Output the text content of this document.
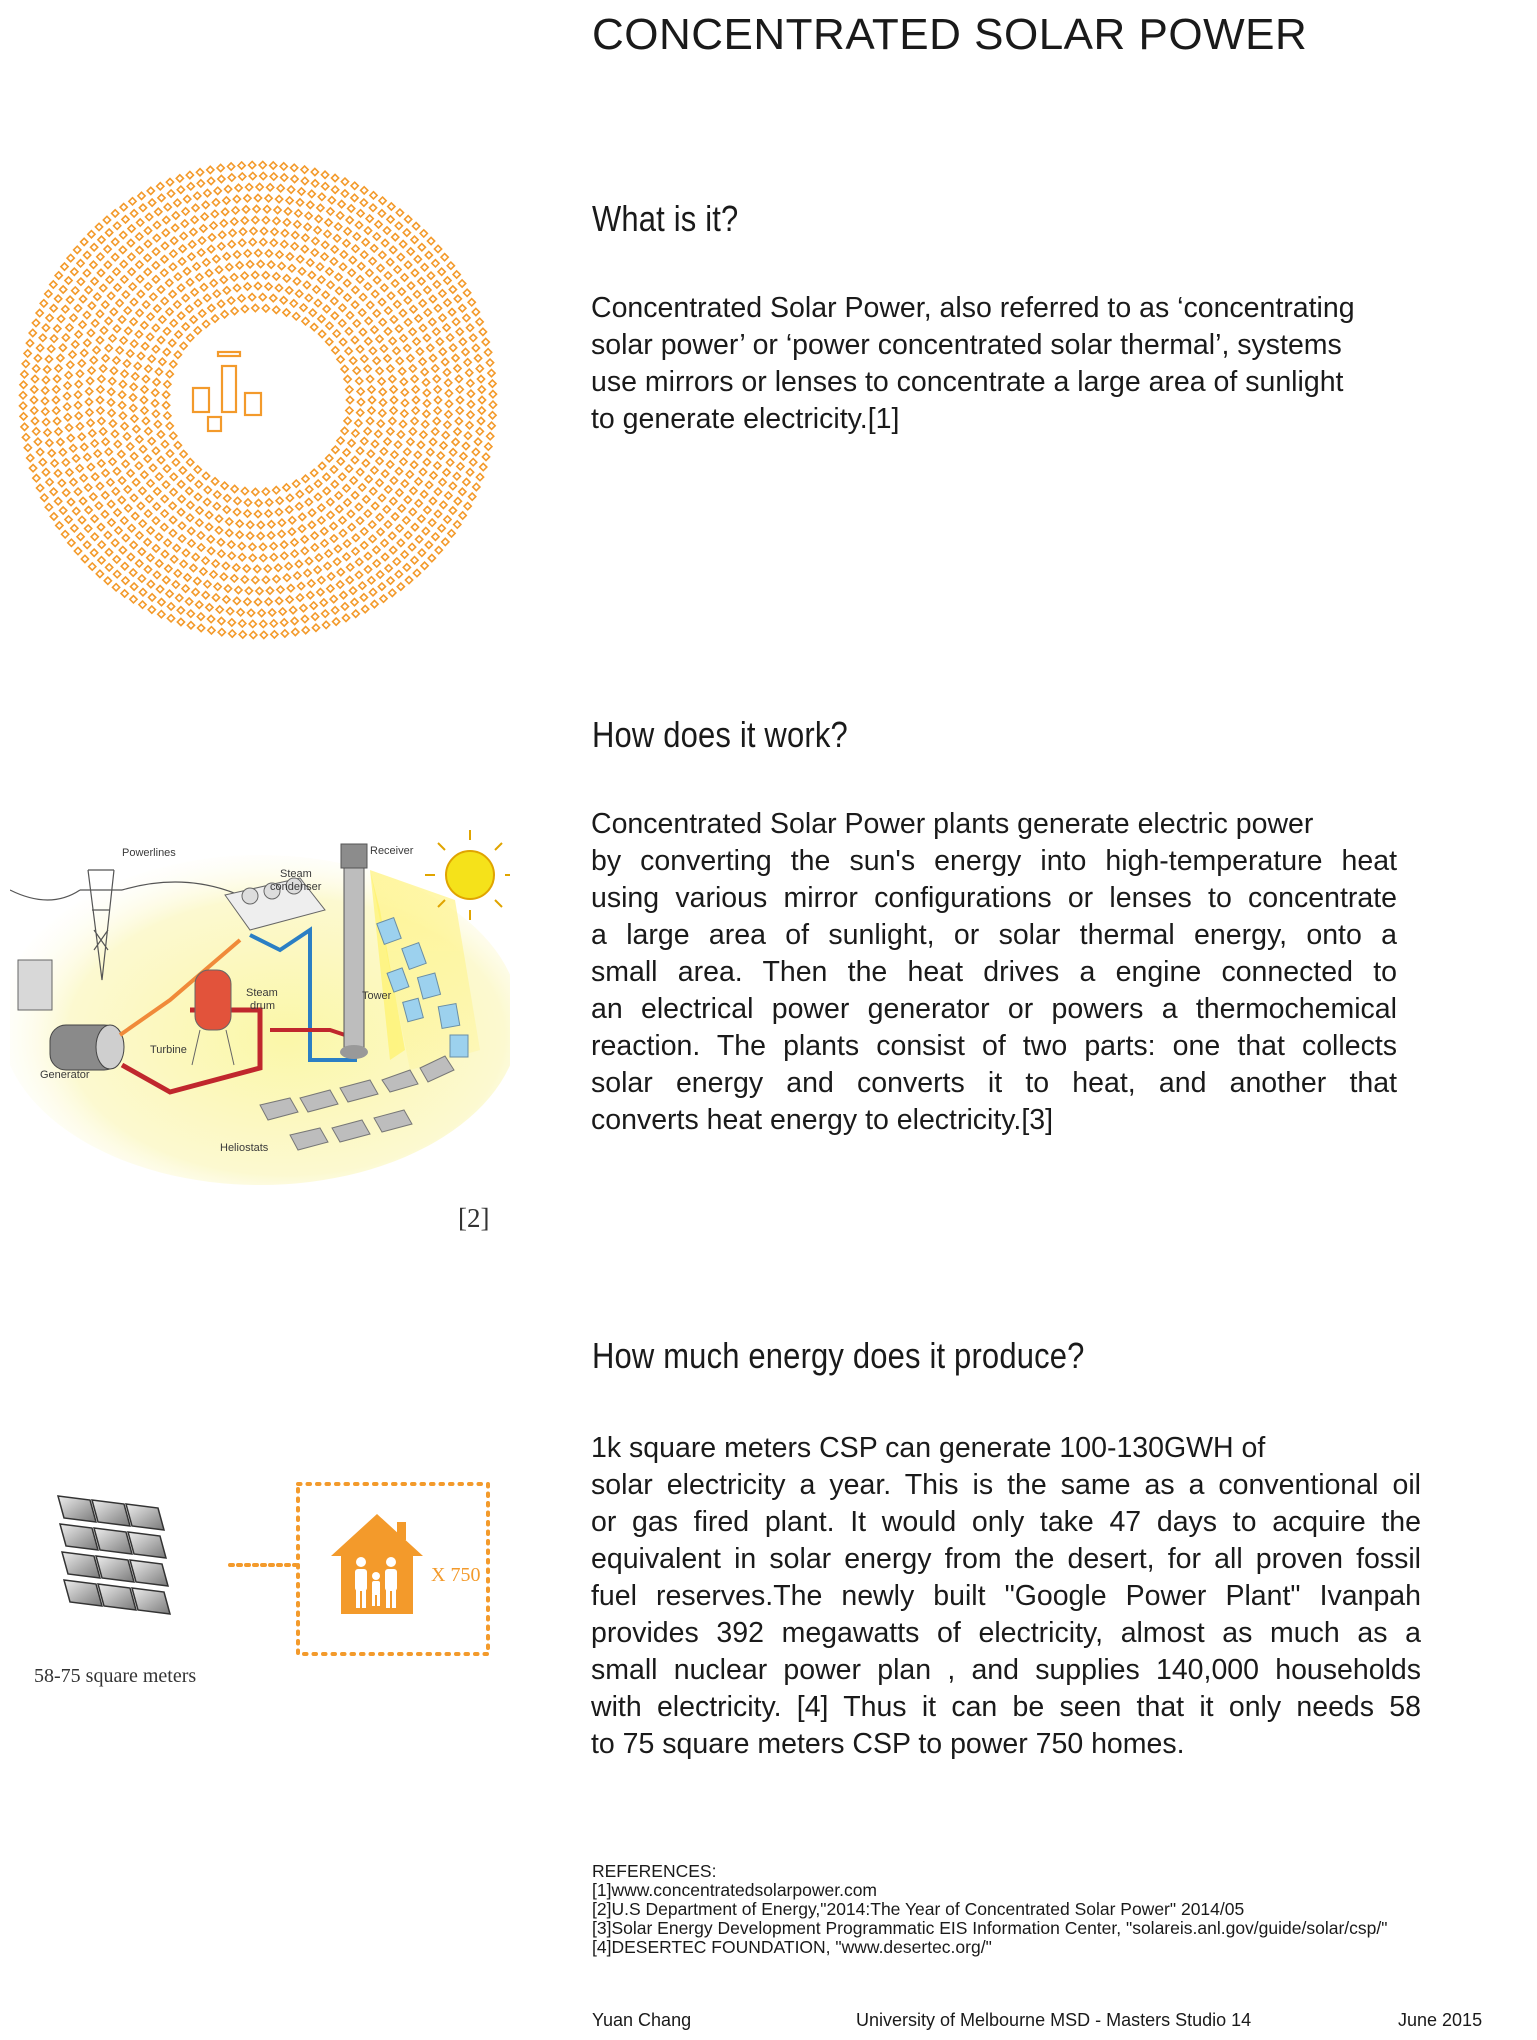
CONCENTRATED SOLAR POWER
What is it?
Concentrated Solar Power, also referred to as ‘concentrating
solar power’ or ‘power concentrated solar thermal’, systems
use mirrors or lenses to concentrate a large area of sunlight
to generate electricity.[1]
Powerlines
Steam
condenser
Receiver
Steam
drum
Tower
Turbine
Generator
Heliostats
[2]
How does it work?
Concentrated Solar Power plants generate electric power
by converting the sun's energy into high-temperature heat
using various mirror configurations or lenses to concentrate
a large area of sunlight, or solar thermal energy, onto a
small area. Then the heat drives a engine connected to
an electrical power generator or powers a thermochemical
reaction. The plants consist of two parts: one that collects
solar energy and converts it to heat, and another that
converts heat energy to electricity.[3]
How much energy does it produce?
1k square meters CSP can generate 100-130GWH of
solar electricity a year. This is the same as a conventional oil
or gas fired plant. It would only take 47 days to acquire the
equivalent in solar energy from the desert, for all proven fossil
fuel reserves.The newly built "Google Power Plant" Ivanpah
provides 392 megawatts of electricity, almost as much as a
small nuclear power plan , and supplies 140,000 households
with electricity. [4] Thus it can be seen that it only needs 58
to 75 square meters CSP to power 750 homes.
X 750
58-75 square meters
REFERENCES:
[1]www.concentratedsolarpower.com
[2]U.S Department of Energy,"2014:The Year of Concentrated Solar Power" 2014/05
[3]Solar Energy Development Programmatic EIS Information Center, "solareis.anl.gov/guide/solar/csp/"
[4]DESERTEC FOUNDATION, "www.desertec.org/"
Yuan Chang	University of Melbourne MSD - Masters Studio 14	June 2015
